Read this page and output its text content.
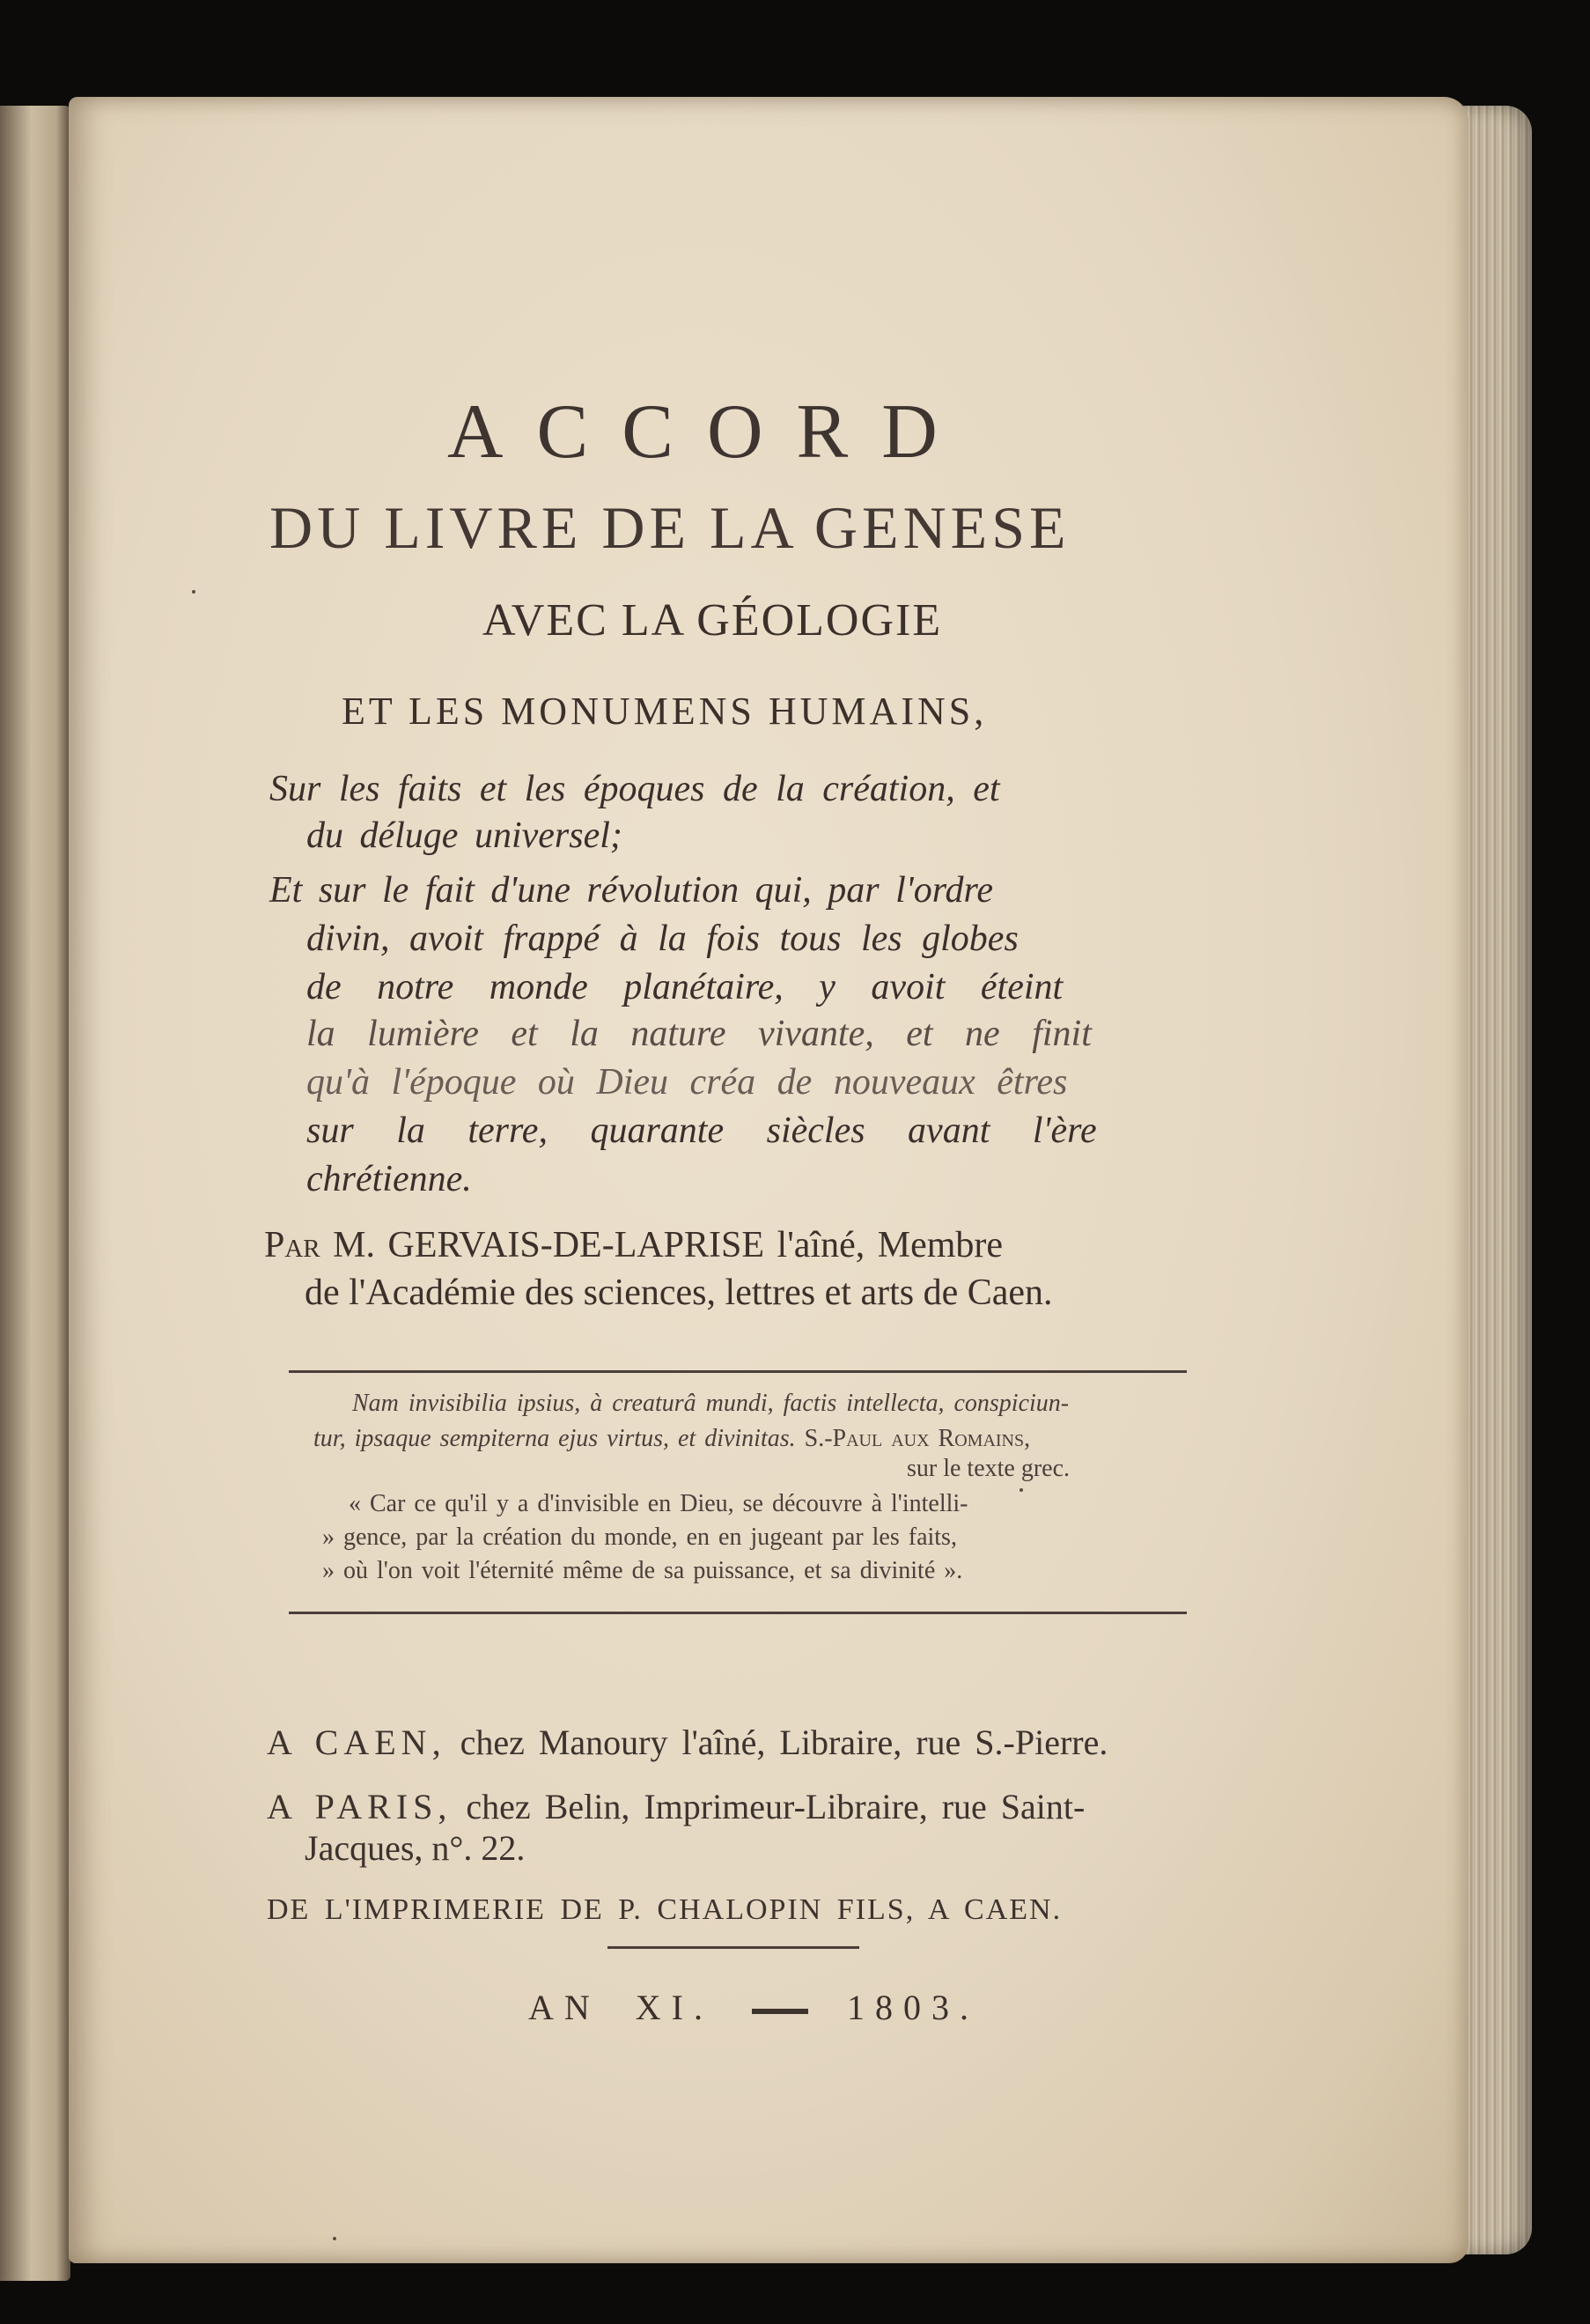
ACCORD
DU LIVRE DE LA GENESE
AVEC LA GÉOLOGIE
ET LES MONUMENS HUMAINS,
Sur les faits et les époques de la création, et
du déluge universel;
Et sur le fait d'une révolution qui, par l'ordre
divin, avoit frappé à la fois tous les globes
de notre monde planétaire, y avoit éteint
la lumière et la nature vivante, et ne finit
qu'à l'époque où Dieu créa de nouveaux êtres
sur la terre, quarante siècles avant l'ère
chrétienne.
Par M. GERVAIS-DE-LAPRISE l'aîné, Membre
de l'Académie des sciences, lettres et arts de Caen.
Nam invisibilia ipsius, à creaturâ mundi, factis intellecta, conspiciun-
tur, ipsaque sempiterna ejus virtus, et divinitas. S.-Paul aux Romains,
sur le texte grec.
« Car ce qu'il y a d'invisible en Dieu, se découvre à l'intelli-
» gence, par la création du monde, en en jugeant par les faits,
» où l'on voit l'éternité même de sa puissance, et sa divinité ».
A CAEN, chez Manoury l'aîné, Libraire, rue S.-Pierre.
A PARIS, chez Belin, Imprimeur-Libraire, rue Saint-
Jacques, n°. 22.
DE L'IMPRIMERIE DE P. CHALOPIN FILS, A CAEN.
AN XI.	1803.
